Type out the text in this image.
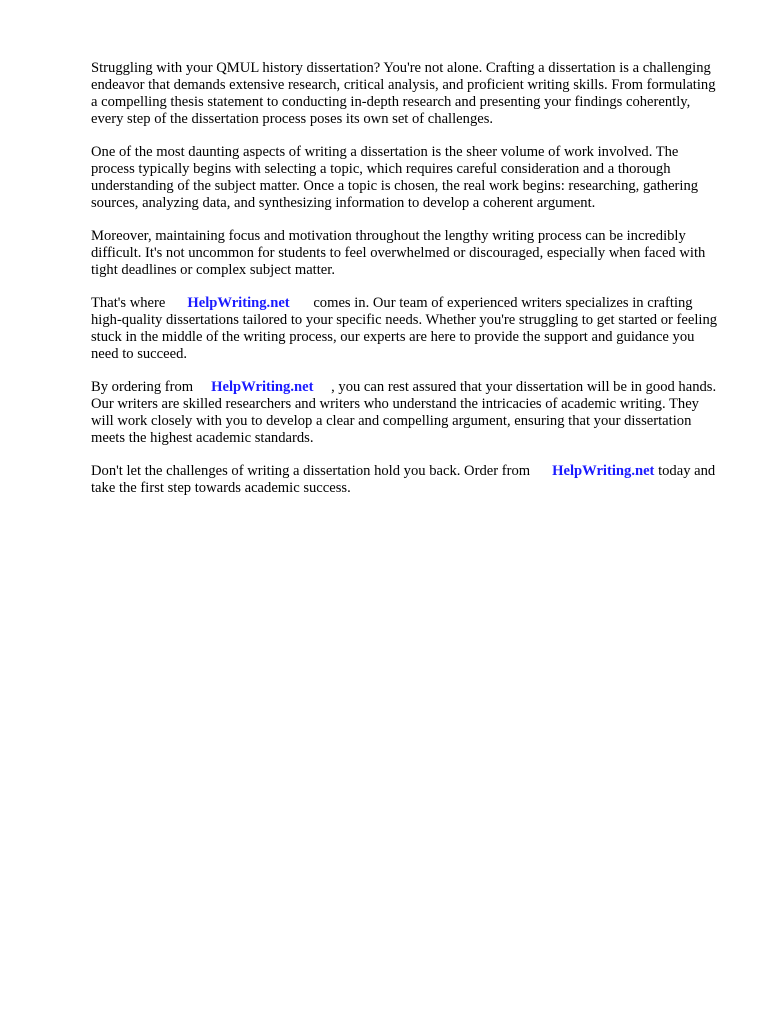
Struggling with your QMUL history dissertation? You're not alone. Crafting a dissertation is a challenging endeavor that demands extensive research, critical analysis, and proficient writing skills. From formulating a compelling thesis statement to conducting in-depth research and presenting your findings coherently, every step of the dissertation process poses its own set of challenges.

One of the most daunting aspects of writing a dissertation is the sheer volume of work involved. The process typically begins with selecting a topic, which requires careful consideration and a thorough understanding of the subject matter. Once a topic is chosen, the real work begins: researching, gathering sources, analyzing data, and synthesizing information to develop a coherent argument.

Moreover, maintaining focus and motivation throughout the lengthy writing process can be incredibly difficult. It's not uncommon for students to feel overwhelmed or discouraged, especially when faced with tight deadlines or complex subject matter.

That's where HelpWriting.net comes in. Our team of experienced writers specializes in crafting high-quality dissertations tailored to your specific needs. Whether you're struggling to get started or feeling stuck in the middle of the writing process, our experts are here to provide the support and guidance you need to succeed.

By ordering from HelpWriting.net , you can rest assured that your dissertation will be in good hands. Our writers are skilled researchers and writers who understand the intricacies of academic writing. They will work closely with you to develop a clear and compelling argument, ensuring that your dissertation meets the highest academic standards.

Don't let the challenges of writing a dissertation hold you back. Order from HelpWriting.net today and take the first step towards academic success.
